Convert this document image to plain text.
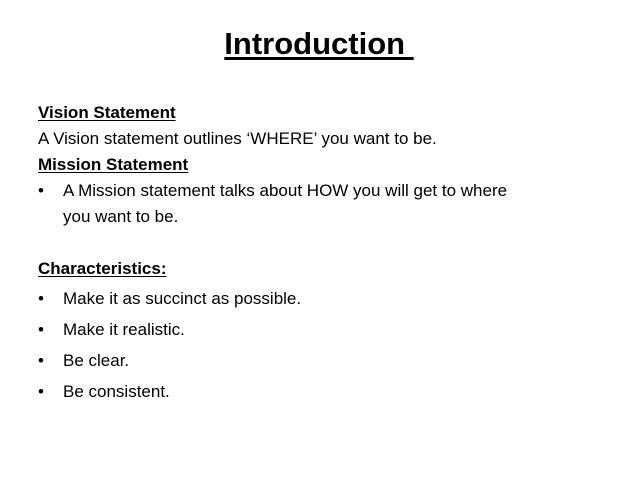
Introduction
Vision Statement
A Vision statement outlines ‘WHERE’ you want to be.
Mission Statement
•	A Mission statement talks about HOW you will get to where
you want to be.
Characteristics:
•	Make it as succinct as possible.
•	Make it realistic.
•	Be clear.
•	Be consistent.
